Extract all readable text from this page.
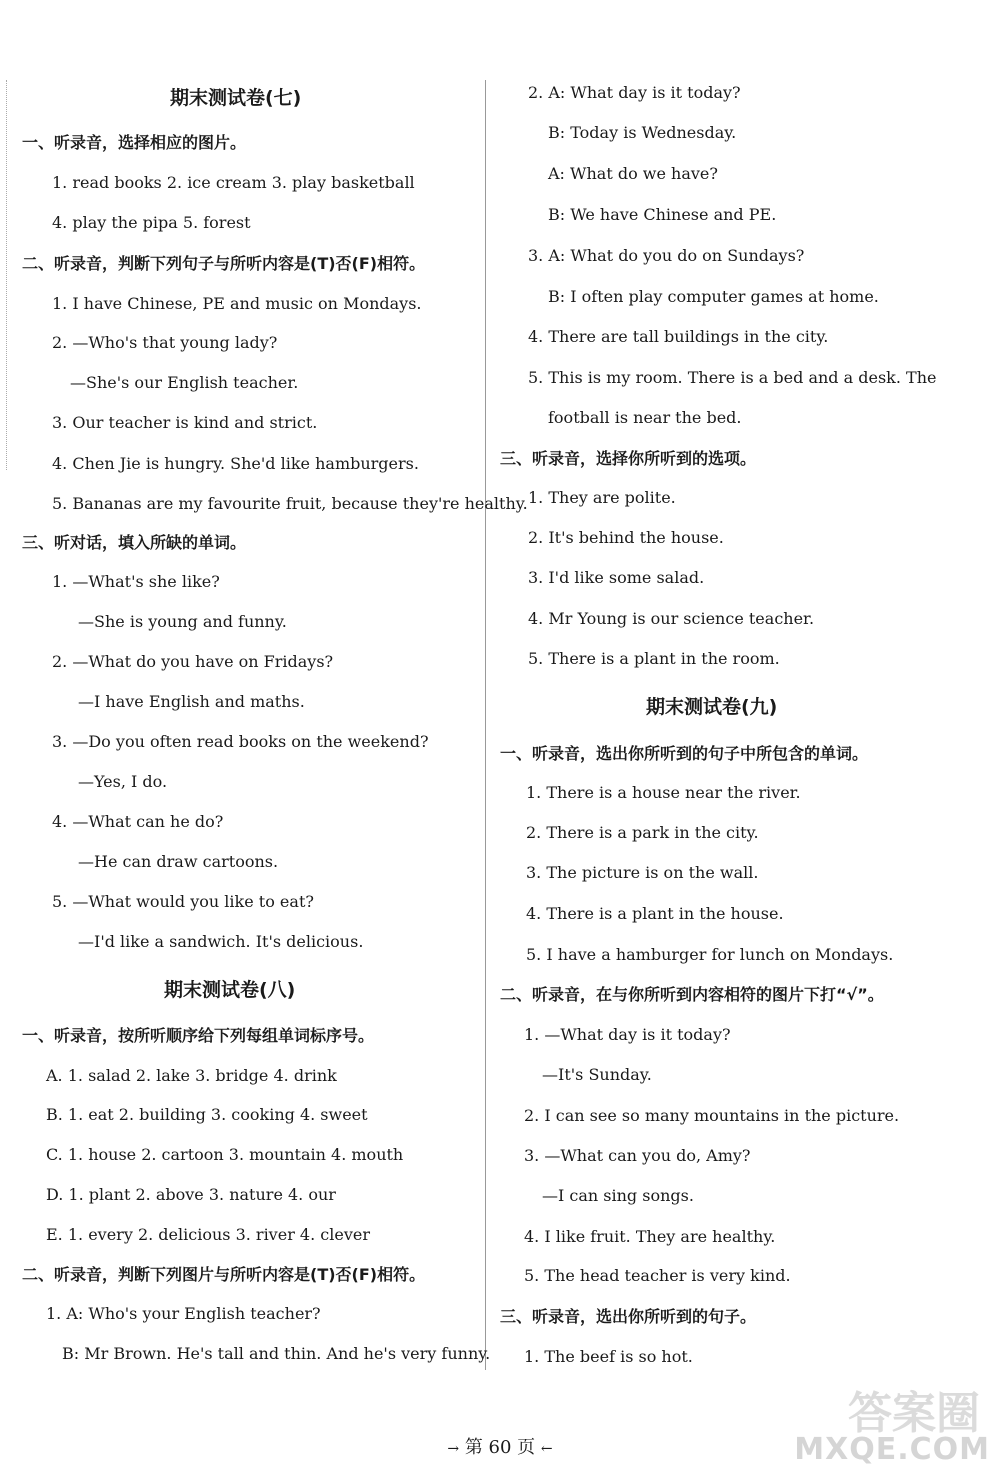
期末测试卷(七)
一、听录音，选择相应的图片。
1. read books 2. ice cream 3. play basketball
4. play the pipa 5. forest
二、听录音，判断下列句子与所听内容是(T)否(F)相符。
1. I have Chinese, PE and music on Mondays.
2. —Who's that young lady?
—She's our English teacher.
3. Our teacher is kind and strict.
4. Chen Jie is hungry. She'd like hamburgers.
5. Bananas are my favourite fruit, because they're healthy.
三、听对话，填入所缺的单词。
1. —What's she like?
—She is young and funny.
2. —What do you have on Fridays?
—I have English and maths.
3. —Do you often read books on the weekend?
—Yes, I do.
4. —What can he do?
—He can draw cartoons.
5. —What would you like to eat?
—I'd like a sandwich. It's delicious.
期末测试卷(八)
一、听录音，按所听顺序给下列每组单词标序号。
A. 1. salad 2. lake 3. bridge 4. drink
B. 1. eat 2. building 3. cooking 4. sweet
C. 1. house 2. cartoon 3. mountain 4. mouth
D. 1. plant 2. above 3. nature 4. our
E. 1. every 2. delicious 3. river 4. clever
二、听录音，判断下列图片与所听内容是(T)否(F)相符。
1. A: Who's your English teacher?
B: Mr Brown. He's tall and thin. And he's very funny.
2. A: What day is it today?
B: Today is Wednesday.
A: What do we have?
B: We have Chinese and PE.
3. A: What do you do on Sundays?
B: I often play computer games at home.
4. There are tall buildings in the city.
5. This is my room. There is a bed and a desk. The
football is near the bed.
三、听录音，选择你所听到的选项。
1. They are polite.
2. It's behind the house.
3. I'd like some salad.
4. Mr Young is our science teacher.
5. There is a plant in the room.
期末测试卷(九)
一、听录音，选出你所听到的句子中所包含的单词。
1. There is a house near the river.
2. There is a park in the city.
3. The picture is on the wall.
4. There is a plant in the house.
5. I have a hamburger for lunch on Mondays.
二、听录音，在与你所听到内容相符的图片下打“√”。
1. —What day is it today?
—It's Sunday.
2. I can see so many mountains in the picture.
3. —What can you do, Amy?
—I can sing songs.
4. I like fruit. They are healthy.
5. The head teacher is very kind.
三、听录音，选出你所听到的句子。
1. The beef is so hot.
→ 第 60 页 ←
答案圈
MXQE.COM
